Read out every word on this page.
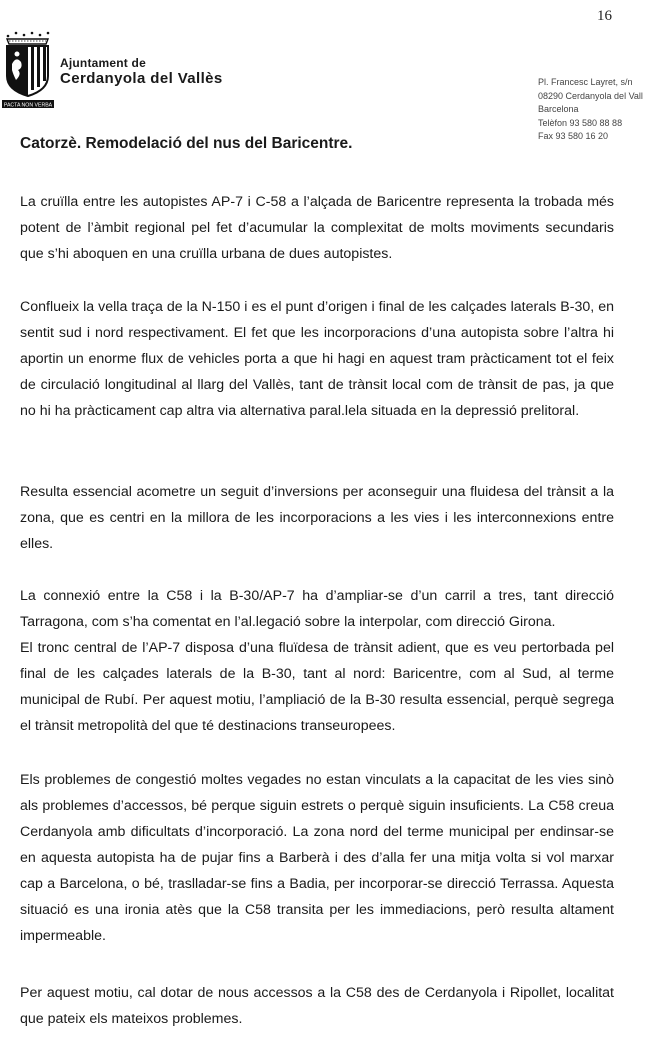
16
PACTA NON VERBA
Ajuntament de
Cerdanyola del Vallès	Pl. Francesc Layret, s/n
08290 Cerdanyola del Vall
Barcelona
Telèfon 93 580 88 88
Fax 93 580 16 20
Catorzè. Remodelació del nus del Baricentre.

La cruïlla entre les autopistes AP-7 i C-58 a l’alçada de Baricentre representa la trobada més potent de l’àmbit regional pel fet d’acumular la complexitat de molts moviments secundaris que s’hi aboquen en una cruïlla urbana de dues autopistes.

Conflueix la vella traça de la N-150 i es el punt d’origen i final de les calçades laterals B-30, en sentit sud i nord respectivament. El fet que les incorporacions d’una autopista sobre l’altra hi aportin un enorme flux de vehicles porta a que hi hagi en aquest tram pràcticament tot el feix de circulació longitudinal al llarg del Vallès, tant de trànsit local com de trànsit de pas, ja que no hi ha pràcticament cap altra via alternativa paral.lela situada en la depressió prelitoral.

Resulta essencial acometre un seguit d’inversions per aconseguir una fluidesa del trànsit a la zona, que es centri en la millora de les incorporacions a les vies i les interconnexions entre elles.

La connexió entre la C58 i la B-30/AP-7 ha d’ampliar-se d’un carril a tres, tant direcció Tarragona, com s’ha comentat en l’al.legació sobre la interpolar, com direcció Girona.

El tronc central de l’AP-7 disposa d’una fluïdesa de trànsit adient, que es veu pertorbada pel final de les calçades laterals de la B-30, tant al nord: Baricentre, com al Sud, al terme municipal de Rubí. Per aquest motiu, l’ampliació de la B-30 resulta essencial, perquè segrega el trànsit metropolità del que té destinacions transeuropees.

Els problemes de congestió moltes vegades no estan vinculats a la capacitat de les vies sinò als problemes d’accessos, bé perque siguin estrets o perquè siguin insuficients. La C58 creua Cerdanyola amb dificultats d’incorporació. La zona nord del terme municipal per endinsar-se en aquesta autopista ha de pujar fins a Barberà i des d’alla fer una mitja volta si vol marxar cap a Barcelona, o bé, traslladar-se fins a Badia, per incorporar-se direcció Terrassa. Aquesta situació es una ironia atès que la C58 transita per les immediacions, però resulta altament impermeable.

Per aquest motiu, cal dotar de nous accessos a la C58 des de Cerdanyola i Ripollet, localitat que pateix els mateixos problemes.
